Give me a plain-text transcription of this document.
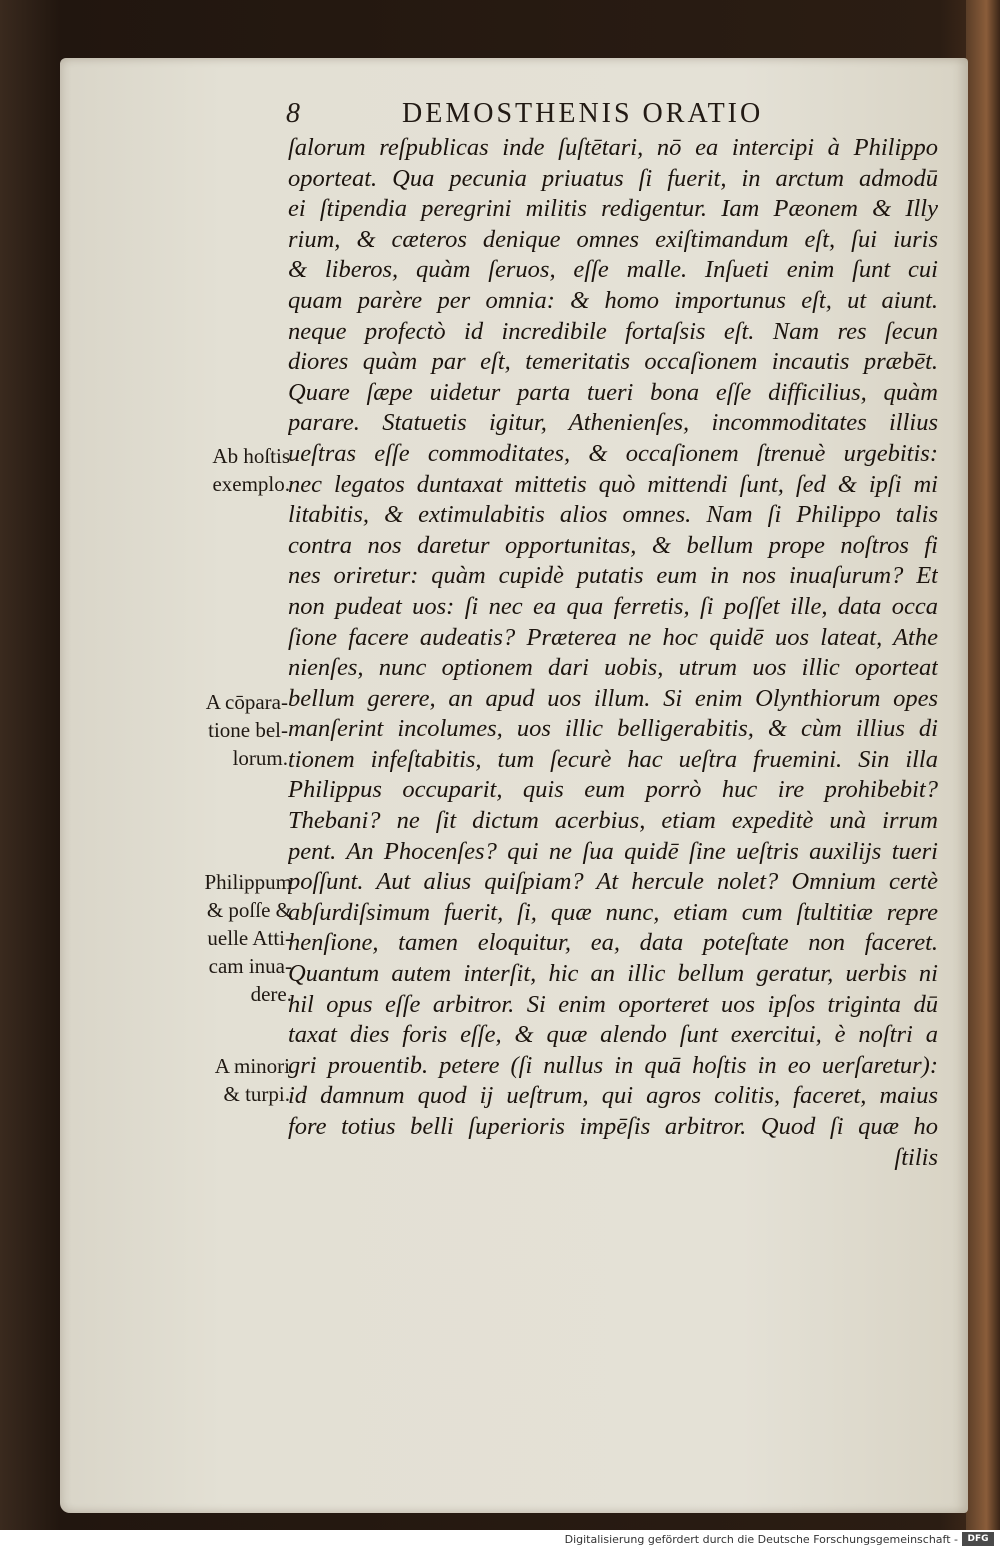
8	DEMOSTHENIS ORATIO
ſalorum reſpublicas inde ſuſtētari, nō ea intercipi à Philippo
oporteat. Qua pecunia priuatus ſi fuerit, in arctum admodū
ei ſtipendia peregrini militis redigentur. Iam Pæonem & Illy
rium, & cæteros denique omnes exiſtimandum eſt, ſui iuris
& liberos, quàm ſeruos, eſſe malle. Inſueti enim ſunt cui
quam parère per omnia: & homo importunus eſt, ut aiunt.
neque profectò id incredibile fortaſsis eſt. Nam res ſecun
diores quàm par eſt, temeritatis occaſionem incautis præbēt.
Quare ſæpe uidetur parta tueri bona eſſe difficilius, quàm
parare. Statuetis igitur, Athenienſes, incommoditates illius
ueſtras eſſe commoditates, & occaſionem ſtrenuè urgebitis:
nec legatos duntaxat mittetis quò mittendi ſunt, ſed & ipſi mi
litabitis, & extimulabitis alios omnes. Nam ſi Philippo talis
contra nos daretur opportunitas, & bellum prope noſtros fi
nes oriretur: quàm cupidè putatis eum in nos inuaſurum? Et
non pudeat uos: ſi nec ea qua ferretis, ſi poſſet ille, data occa
ſione facere audeatis? Præterea ne hoc quidē uos lateat, Athe
nienſes, nunc optionem dari uobis, utrum uos illic oporteat
bellum gerere, an apud uos illum. Si enim Olynthiorum opes
manſerint incolumes, uos illic belligerabitis, & cùm illius di
tionem infeſtabitis, tum ſecurè hac ueſtra fruemini. Sin illa
Philippus occuparit, quis eum porrò huc ire prohibebit?
Thebani? ne ſit dictum acerbius, etiam expeditè unà irrum
pent. An Phocenſes? qui ne ſua quidē ſine ueſtris auxilijs tueri
poſſunt. Aut alius quiſpiam? At hercule nolet? Omnium certè
abſurdiſsimum fuerit, ſi, quæ nunc, etiam cum ſtultitiæ repre
henſione, tamen eloquitur, ea, data poteſtate non faceret.
Quantum autem interſit, hic an illic bellum geratur, uerbis ni
hil opus eſſe arbitror. Si enim oporteret uos ipſos triginta dū
taxat dies foris eſſe, & quæ alendo ſunt exercitui, è noſtri a
gri prouentib. petere (ſi nullus in quā hoſtis in eo uerſaretur):
id damnum quod ij ueſtrum, qui agros colitis, faceret, maius
fore totius belli ſuperioris impēſis arbitror. Quod ſi quæ ho
ſtilis
Ab hoſtis
exemplo.
A cōpara-
tione bel-
lorum.
Philippum
& poſſe &
uelle Atti-
cam inua-
dere.
A minori
& turpi.
Digitalisierung gefördert durch die Deutsche Forschungsgemeinschaft -	DFG
